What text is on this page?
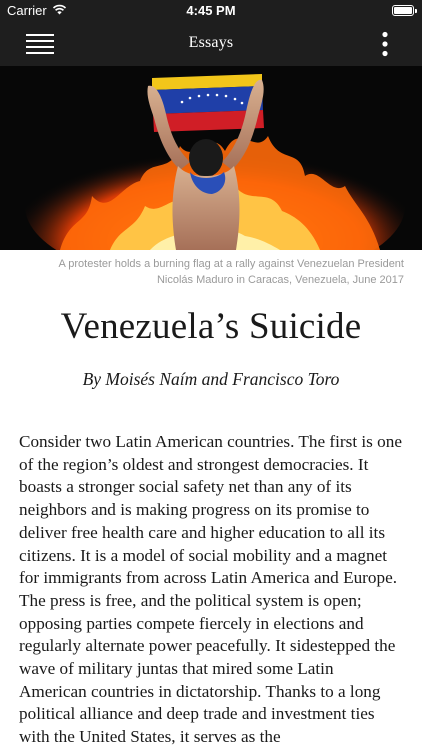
Carrier	4:45 PM
Essays
A protester holds a burning flag at a rally against Venezuelan President Nicolás Maduro in Caracas, Venezuela, June 2017
Venezuela’s Suicide
By Moisés Naím and Francisco Toro

Consider two Latin American countries. The first is one of the region’s oldest and strongest democracies. It boasts a stronger social safety net than any of its neighbors and is making progress on its promise to deliver free health care and higher education to all its citizens. It is a model of social mobility and a magnet for immigrants from across Latin America and Europe. The press is free, and the political system is open; opposing parties compete fiercely in elections and regularly alternate power peacefully. It sidestepped the wave of military juntas that mired some Latin American countries in dictatorship. Thanks to a long political alliance and deep trade and investment ties with the United States, it serves as the
